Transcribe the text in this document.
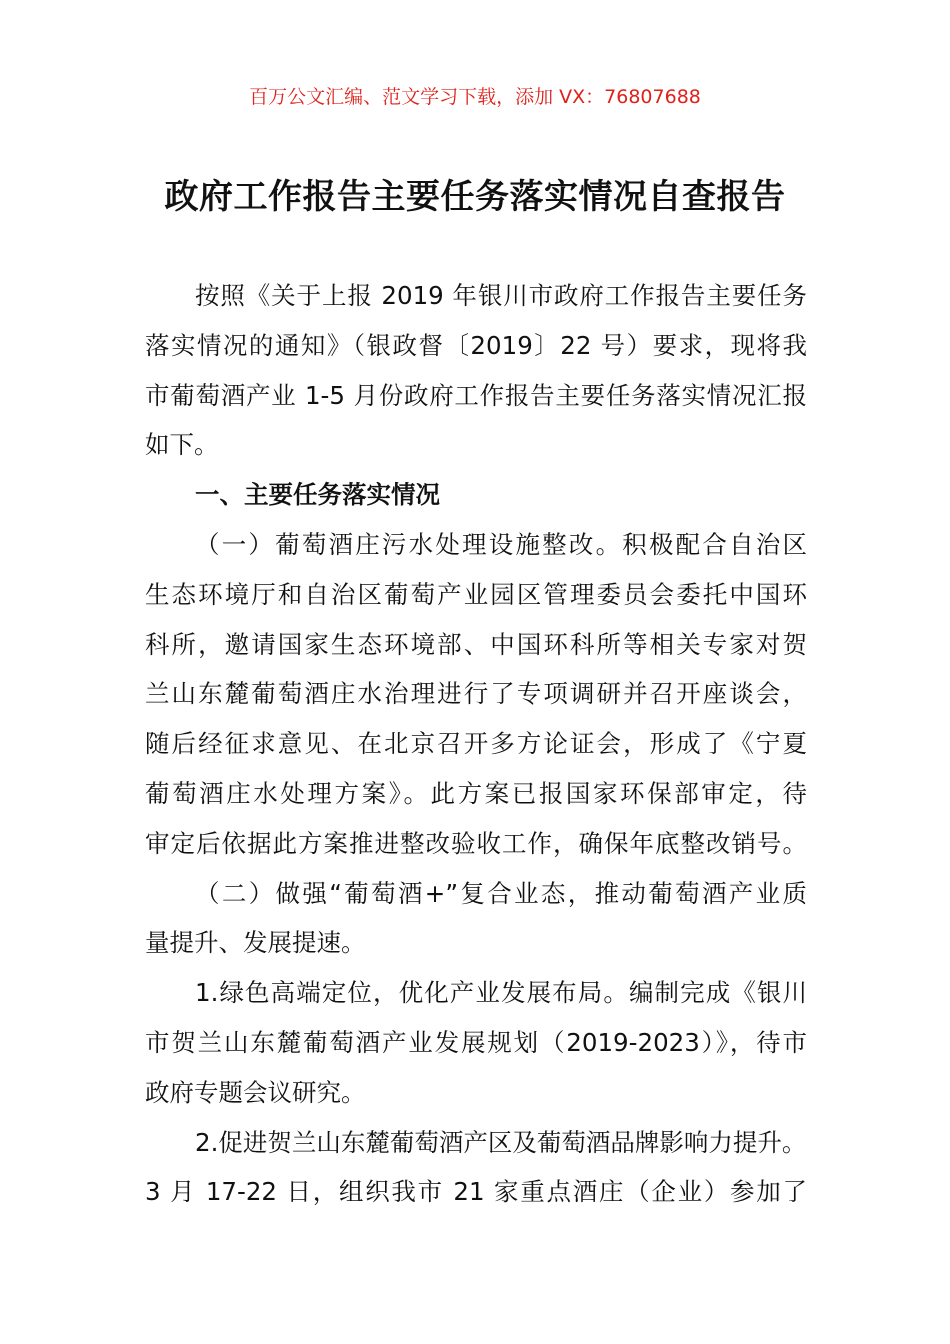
百万公文汇编、范文学习下载，添加 VX：76807688
政府工作报告主要任务落实情况自查报告
按照《关于上报 2019 年银川市政府工作报告主要任务
落实情况的通知》（银政督〔2019〕22 号）要求，现将我
市葡萄酒产业 1-5 月份政府工作报告主要任务落实情况汇报
如下。
一、主要任务落实情况
（一）葡萄酒庄污水处理设施整改。积极配合自治区
生态环境厅和自治区葡萄产业园区管理委员会委托中国环
科所，邀请国家生态环境部、中国环科所等相关专家对贺
兰山东麓葡萄酒庄水治理进行了专项调研并召开座谈会，
随后经征求意见、在北京召开多方论证会，形成了《宁夏
葡萄酒庄水处理方案》。此方案已报国家环保部审定，待
审定后依据此方案推进整改验收工作，确保年底整改销号。
（二）做强“葡萄酒+”复合业态，推动葡萄酒产业质
量提升、发展提速。
1.绿色高端定位，优化产业发展布局。编制完成《银川
市贺兰山东麓葡萄酒产业发展规划（2019-2023）》，待市
政府专题会议研究。
2.促进贺兰山东麓葡萄酒产区及葡萄酒品牌影响力提升。
3 月 17-22 日，组织我市 21 家重点酒庄（企业）参加了
